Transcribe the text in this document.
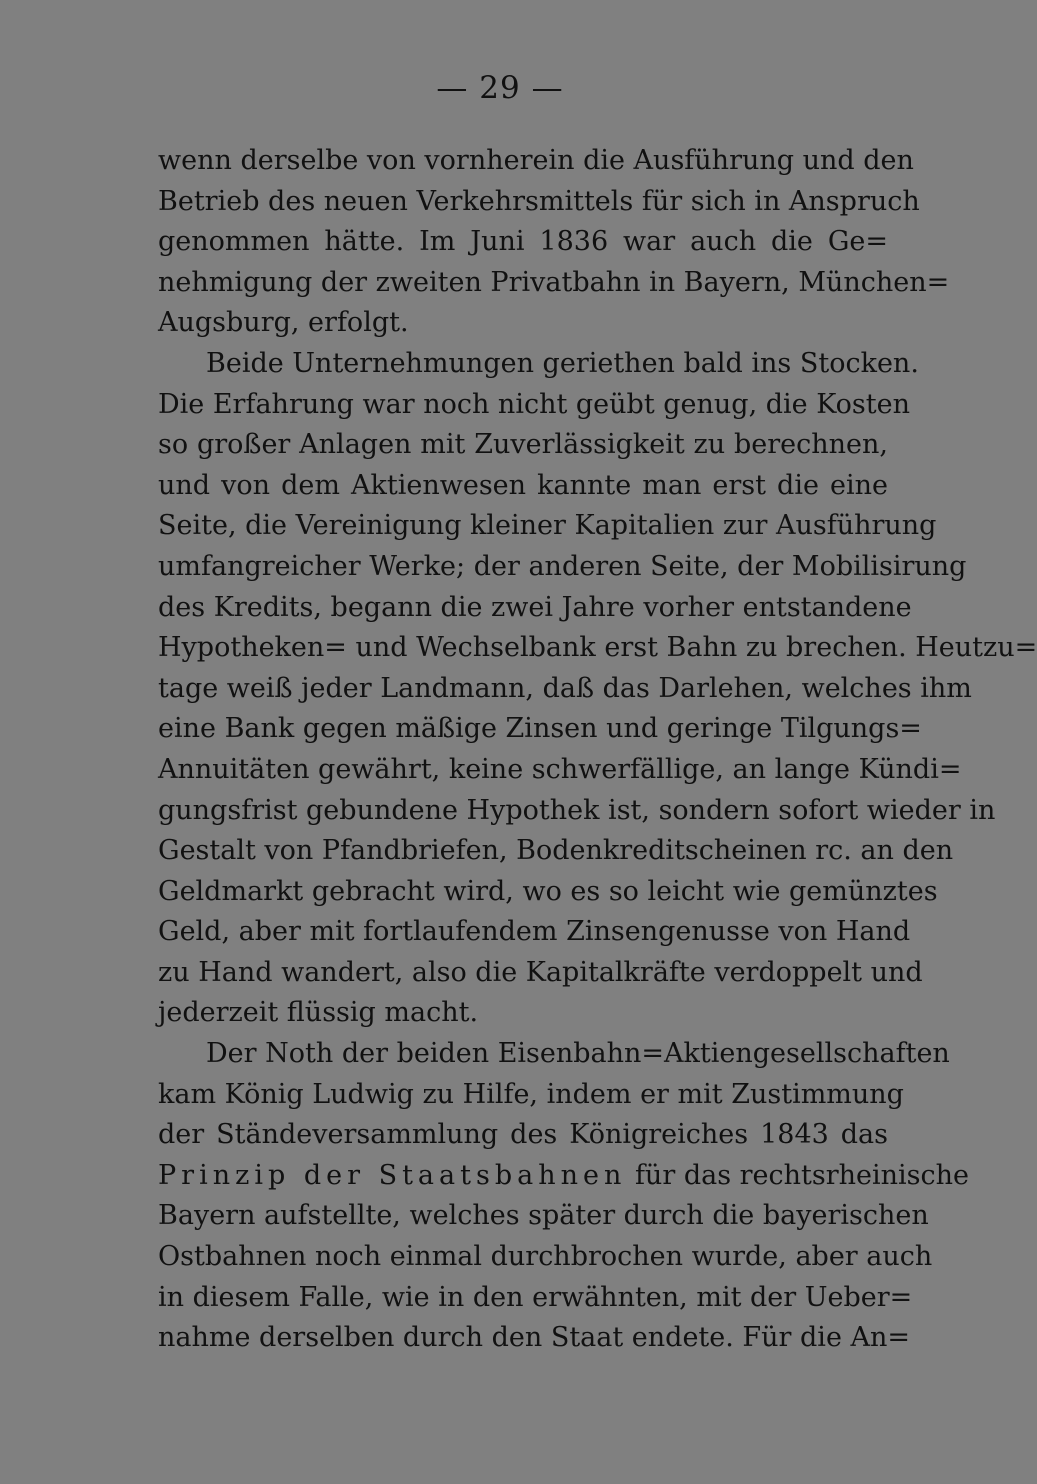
— 29 —
wenn derselbe von vornherein die Ausführung und den
Betrieb des neuen Verkehrsmittels für sich in Anspruch
genommen hätte. Im Juni 1836 war auch die Ge=
nehmigung der zweiten Privatbahn in Bayern, München=
Augsburg, erfolgt.
Beide Unternehmungen geriethen bald ins Stocken.
Die Erfahrung war noch nicht geübt genug, die Kosten
so großer Anlagen mit Zuverlässigkeit zu berechnen,
und von dem Aktienwesen kannte man erst die eine
Seite, die Vereinigung kleiner Kapitalien zur Ausführung
umfangreicher Werke; der anderen Seite, der Mobilisirung
des Kredits, begann die zwei Jahre vorher entstandene
Hypotheken= und Wechselbank erst Bahn zu brechen. Heutzu=
tage weiß jeder Landmann, daß das Darlehen, welches ihm
eine Bank gegen mäßige Zinsen und geringe Tilgungs=
Annuitäten gewährt, keine schwerfällige, an lange Kündi=
gungsfrist gebundene Hypothek ist, sondern sofort wieder in
Gestalt von Pfandbriefen, Bodenkreditscheinen rc. an den
Geldmarkt gebracht wird, wo es so leicht wie gemünztes
Geld, aber mit fortlaufendem Zinsengenusse von Hand
zu Hand wandert, also die Kapitalkräfte verdoppelt und
jederzeit flüssig macht.
Der Noth der beiden Eisenbahn=Aktiengesellschaften
kam König Ludwig zu Hilfe, indem er mit Zustimmung
der Ständeversammlung des Königreiches 1843 das
Prinzip der Staatsbahnen für das rechtsrheinische
Bayern aufstellte, welches später durch die bayerischen
Ostbahnen noch einmal durchbrochen wurde, aber auch
in diesem Falle, wie in den erwähnten, mit der Ueber=
nahme derselben durch den Staat endete. Für die An=
